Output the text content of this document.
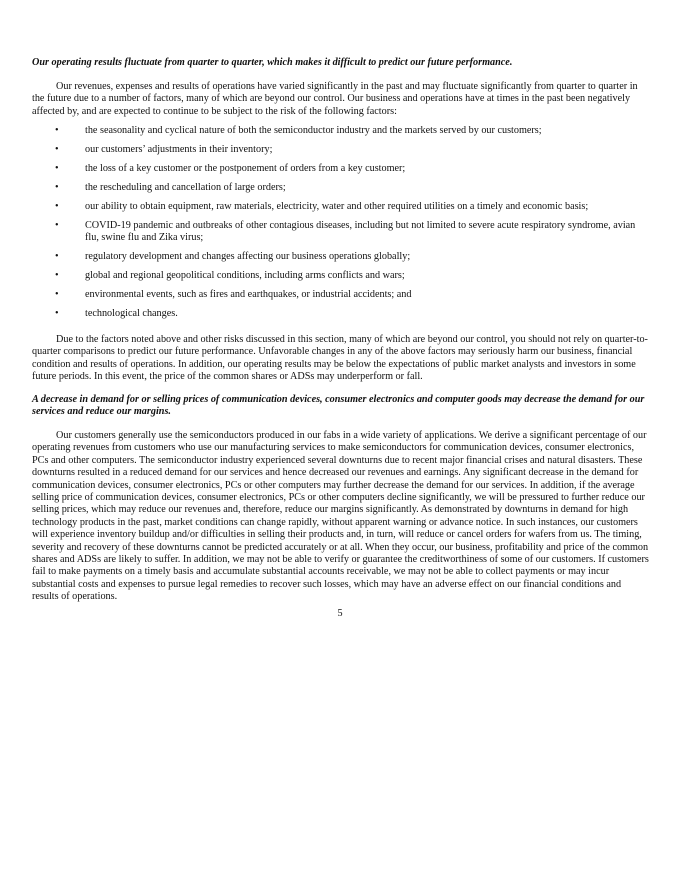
Our operating results fluctuate from quarter to quarter, which makes it difficult to predict our future performance.

Our revenues, expenses and results of operations have varied significantly in the past and may fluctuate significantly from quarter to quarter in the future due to a number of factors, many of which are beyond our control. Our business and operations have at times in the past been negatively affected by, and are expected to continue to be subject to the risk of the following factors:

•	the seasonality and cyclical nature of both the semiconductor industry and the markets served by our customers;
•	our customers’ adjustments in their inventory;
•	the loss of a key customer or the postponement of orders from a key customer;
•	the rescheduling and cancellation of large orders;
•	our ability to obtain equipment, raw materials, electricity, water and other required utilities on a timely and economic basis;
•	COVID-19 pandemic and outbreaks of other contagious diseases, including but not limited to severe acute respiratory syndrome, avian flu, swine flu and Zika virus;
•	regulatory development and changes affecting our business operations globally;
•	global and regional geopolitical conditions, including arms conflicts and wars;
•	environmental events, such as fires and earthquakes, or industrial accidents; and
•	technological changes.

Due to the factors noted above and other risks discussed in this section, many of which are beyond our control, you should not rely on quarter-to-quarter comparisons to predict our future performance. Unfavorable changes in any of the above factors may seriously harm our business, financial condition and results of operations. In addition, our operating results may be below the expectations of public market analysts and investors in some future periods. In this event, the price of the common shares or ADSs may underperform or fall.

A decrease in demand for or selling prices of communication devices, consumer electronics and computer goods may decrease the demand for our services and reduce our margins.

Our customers generally use the semiconductors produced in our fabs in a wide variety of applications. We derive a significant percentage of our operating revenues from customers who use our manufacturing services to make semiconductors for communication devices, consumer electronics, PCs and other computers. The semiconductor industry experienced several downturns due to recent major financial crises and natural disasters. These downturns resulted in a reduced demand for our services and hence decreased our revenues and earnings. Any significant decrease in the demand for communication devices, consumer electronics, PCs or other computers may further decrease the demand for our services. In addition, if the average selling price of communication devices, consumer electronics, PCs or other computers decline significantly, we will be pressured to further reduce our selling prices, which may reduce our revenues and, therefore, reduce our margins significantly. As demonstrated by downturns in demand for high technology products in the past, market conditions can change rapidly, without apparent warning or advance notice. In such instances, our customers will experience inventory buildup and/or difficulties in selling their products and, in turn, will reduce or cancel orders for wafers from us. The timing, severity and recovery of these downturns cannot be predicted accurately or at all. When they occur, our business, profitability and price of the common shares and ADSs are likely to suffer. In addition, we may not be able to verify or guarantee the creditworthiness of some of our customers. If customers fail to make payments on a timely basis and accumulate substantial accounts receivable, we may not be able to collect payments or may incur substantial costs and expenses to pursue legal remedies to recover such losses, which may have an adverse effect on our financial conditions and results of operations.

5
